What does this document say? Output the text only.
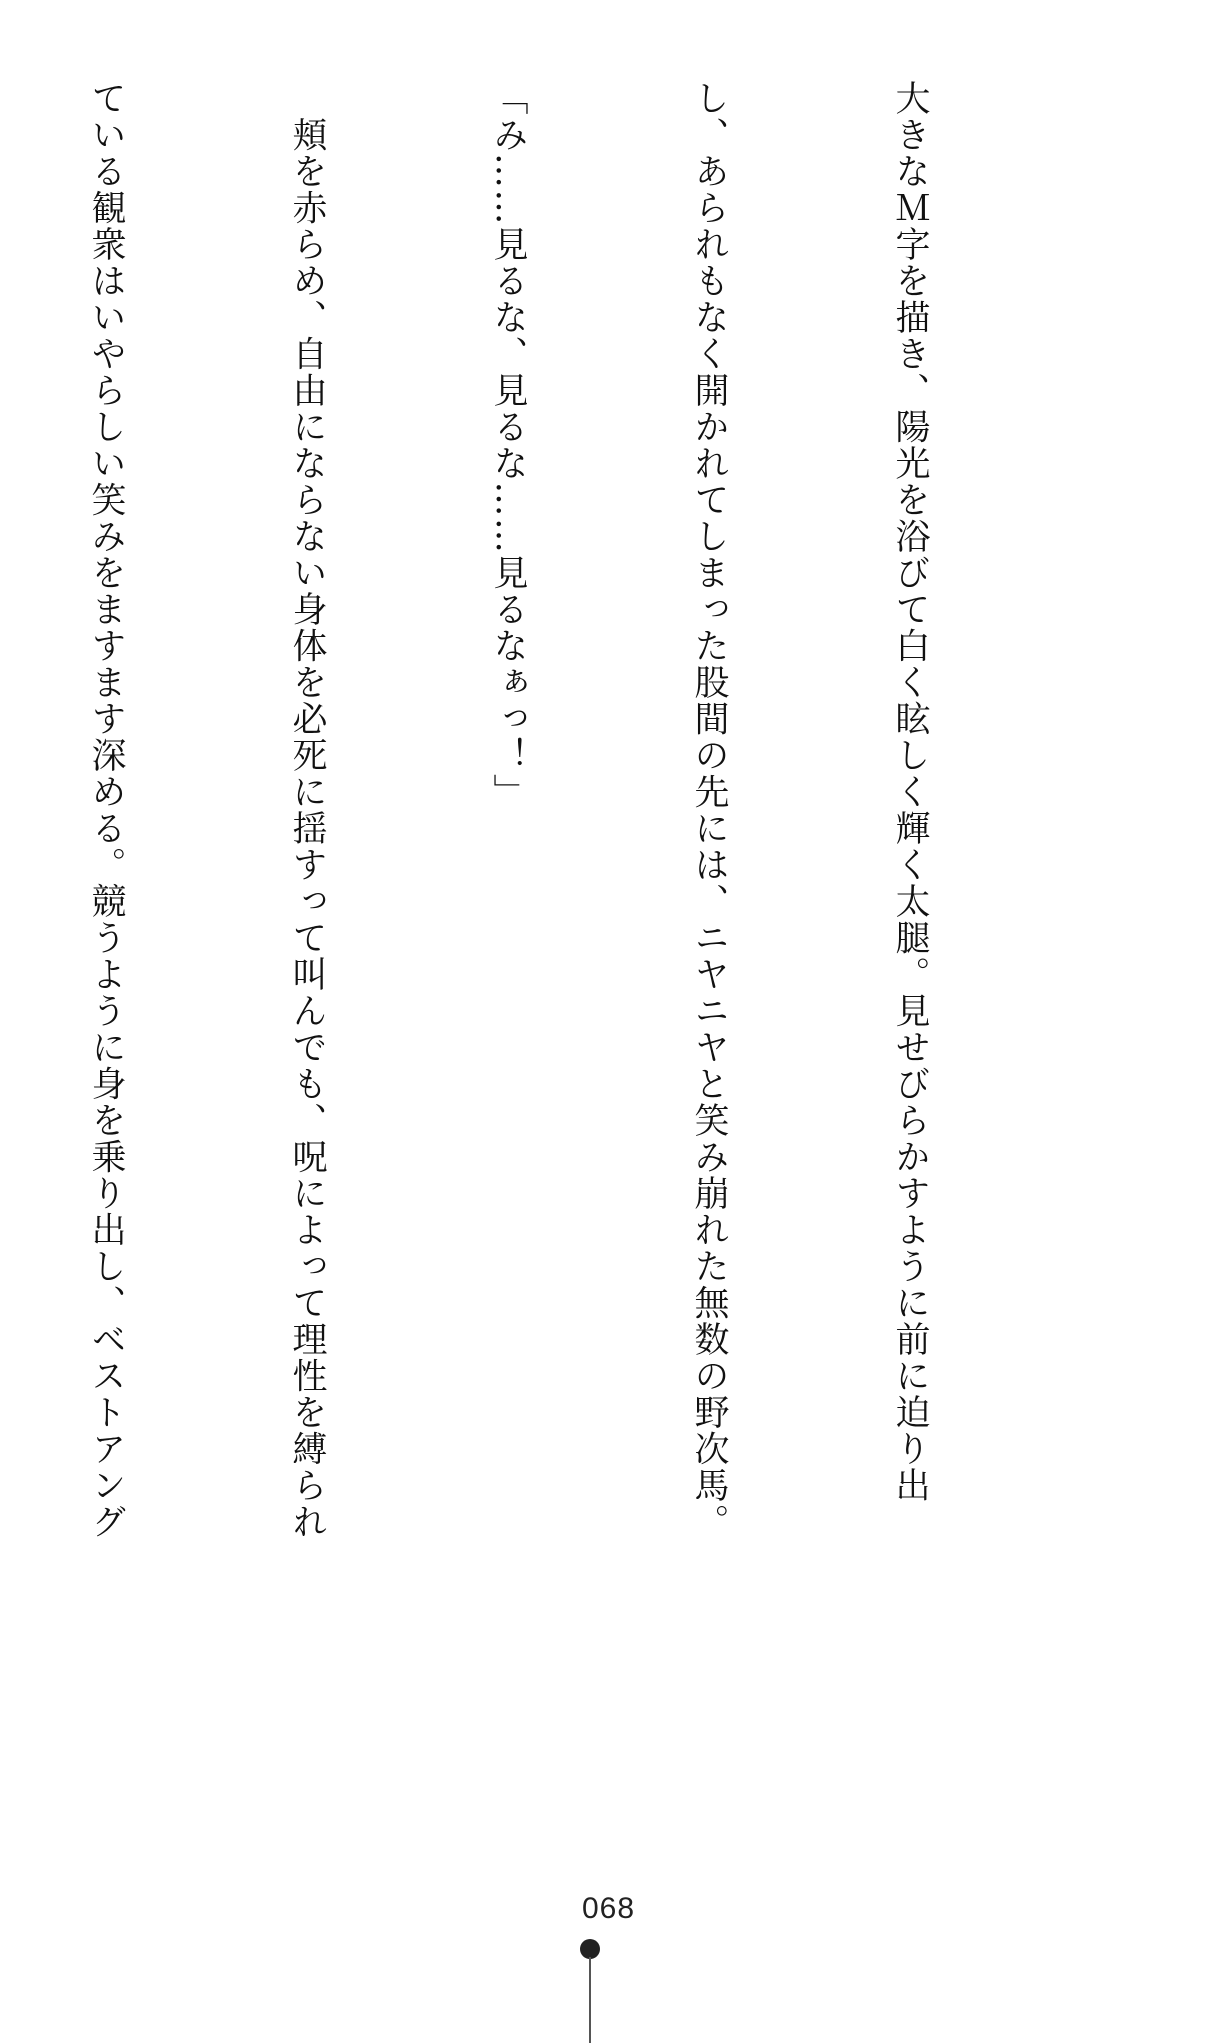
大きなＭ字を描き、陽光を浴びて白く眩しく輝く太腿。見せびらかすように前に迫り出

し、あられもなく開かれてしまった股間の先には、ニヤニヤと笑み崩れた無数の野次馬。

「み……見るな、見るな……見るなぁっ！」

　頬を赤らめ、自由にならない身体を必死に揺すって叫んでも、呪によって理性を縛られ

ている観衆はいやらしい笑みをますます深める。競うように身を乗り出し、ベストアング

068
